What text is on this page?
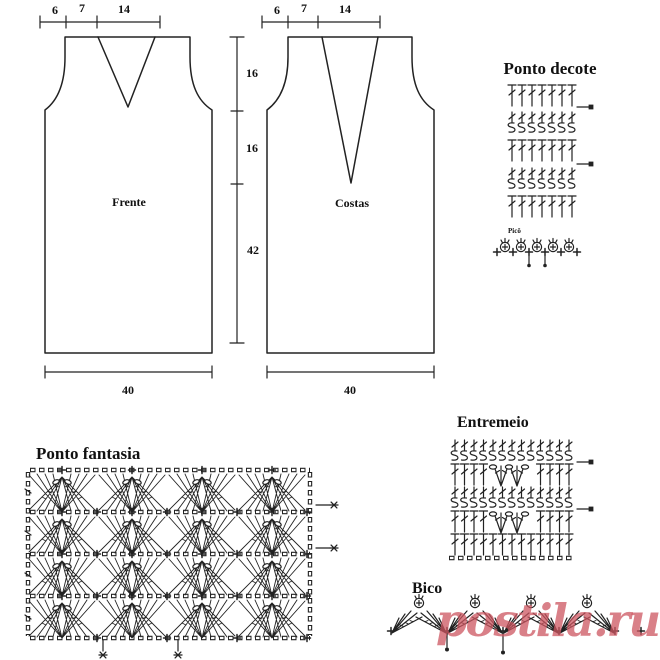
6	7	14	6	7	14
16
16
42
40	40
Frente	Costas
Ponto decote
Picô
Ponto fantasia
Entremeio
Bico
postila.ru
